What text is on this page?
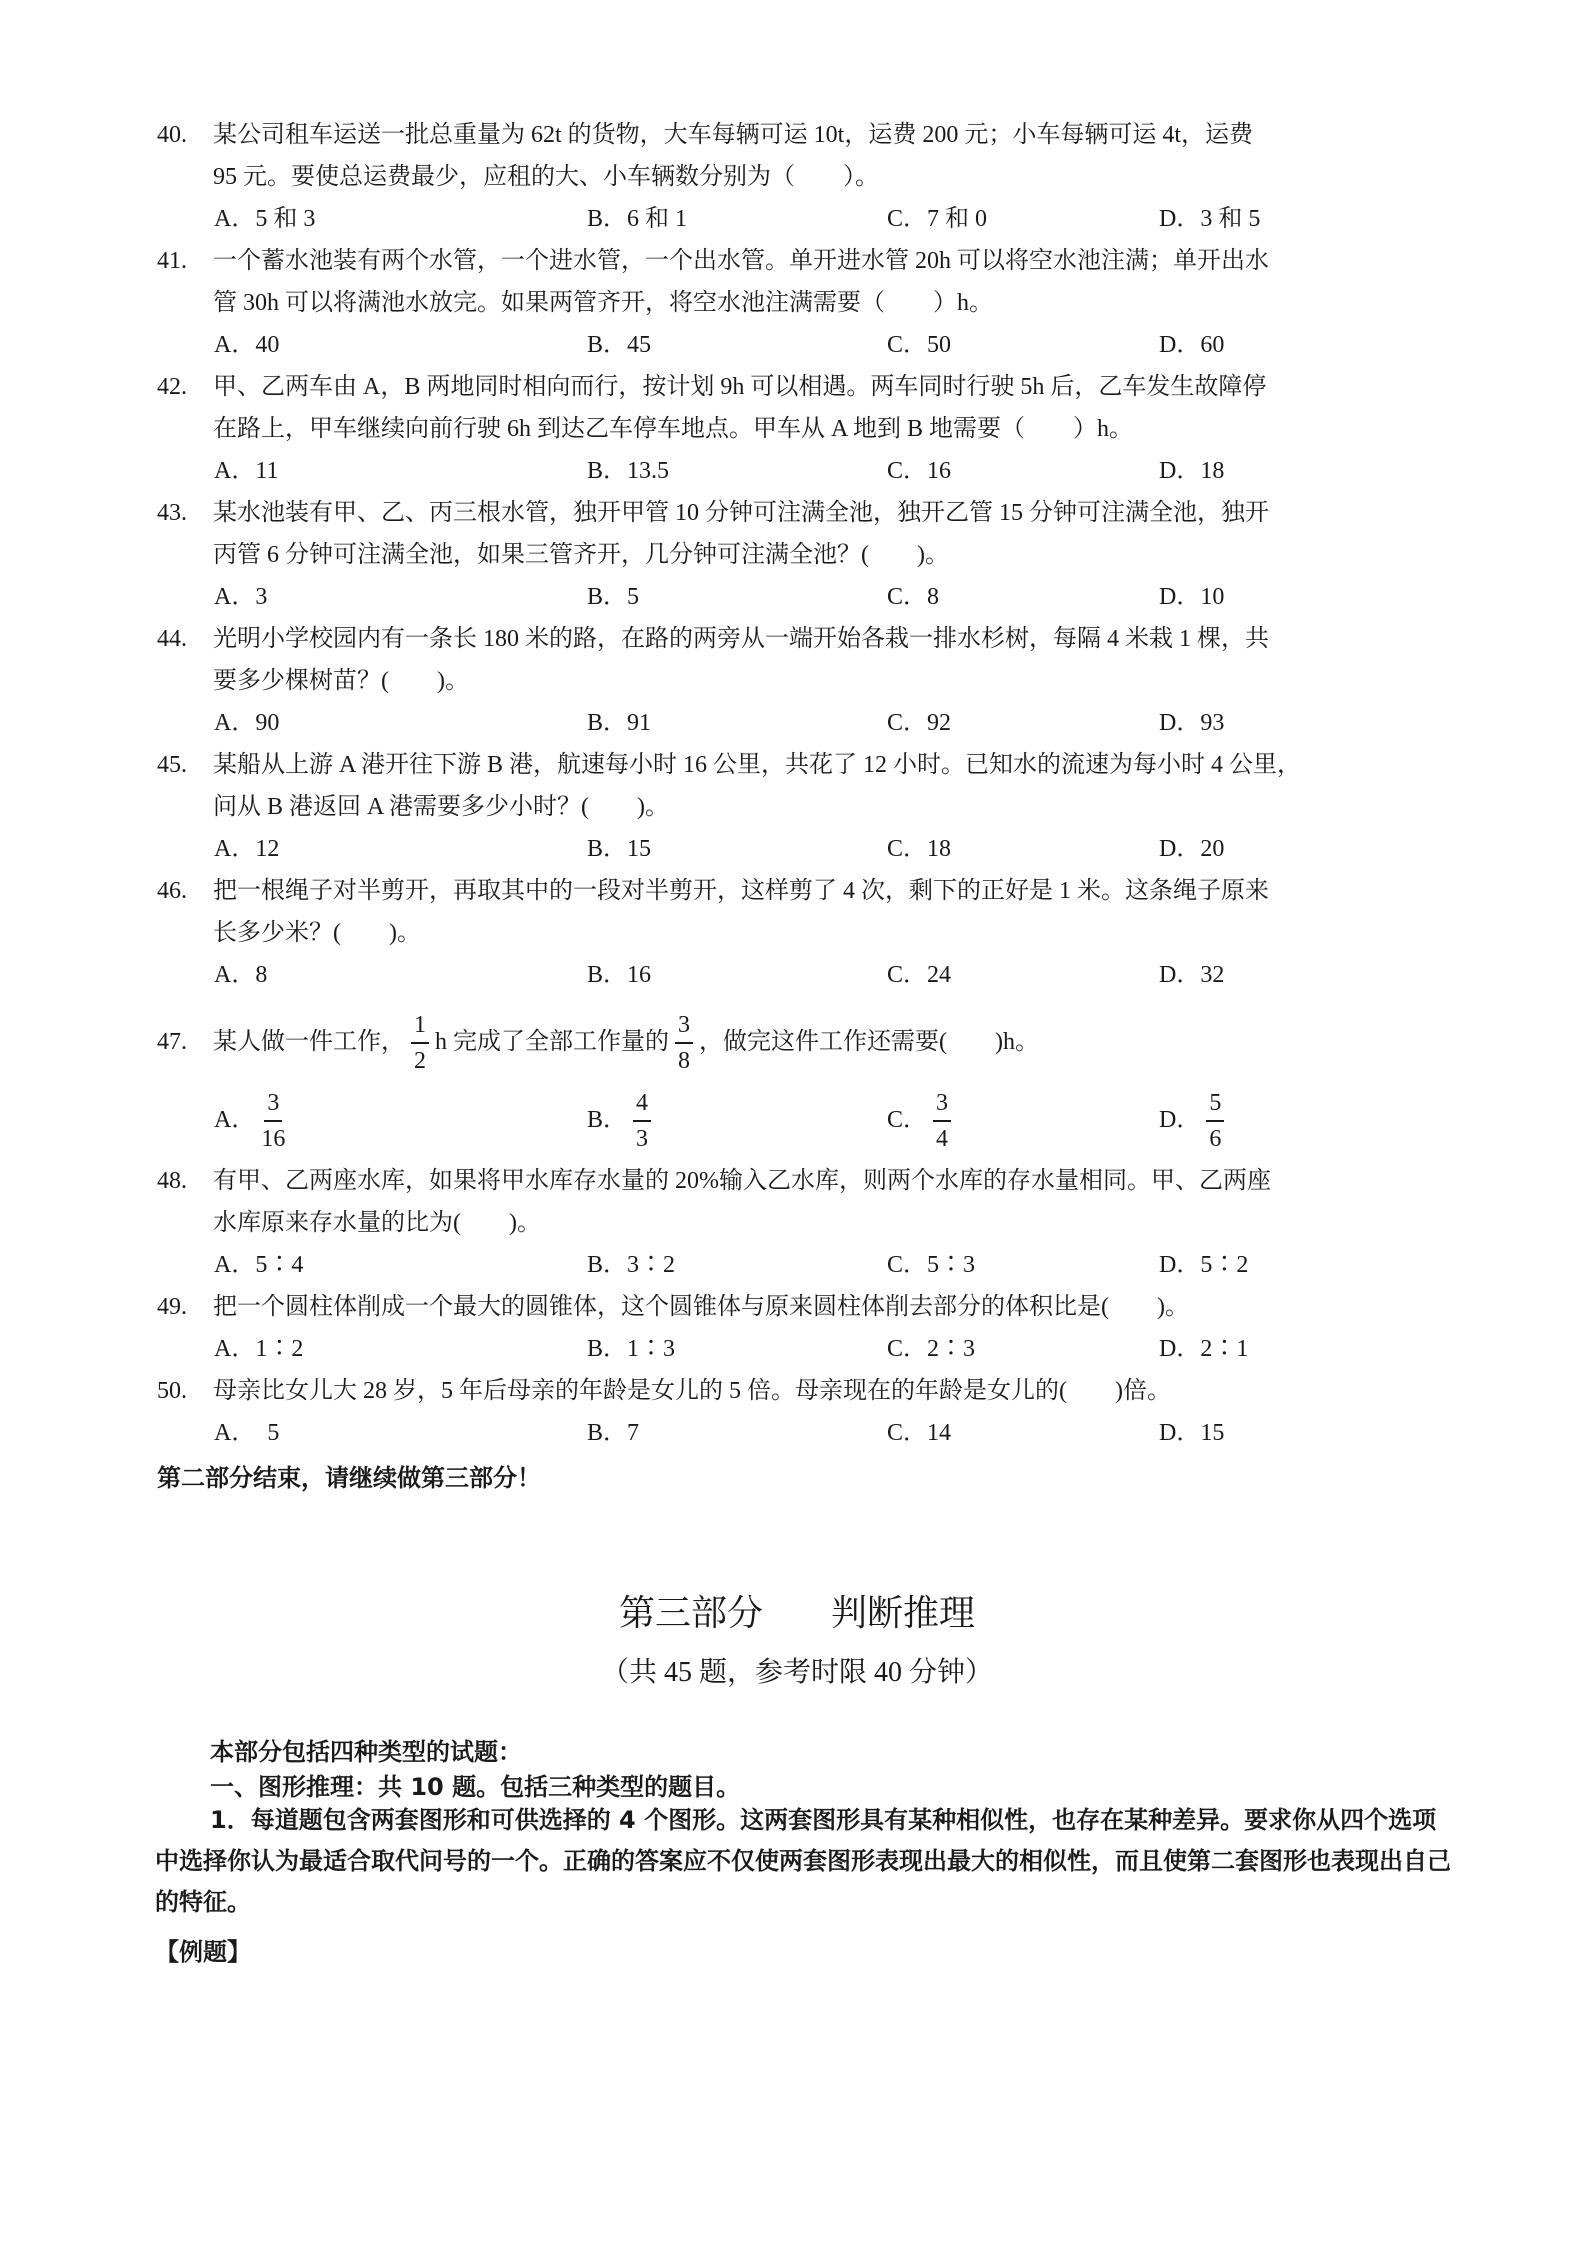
40. 某公司租车运送一批总重量为 62t 的货物，大车每辆可运 10t，运费 200 元；小车每辆可运 4t，运费
95 元。要使总运费最少，应租的大、小车辆数分别为（　　）。
A．5 和 3	B．6 和 1	C．7 和 0	D．3 和 5
41. 一个蓄水池装有两个水管，一个进水管，一个出水管。单开进水管 20h 可以将空水池注满；单开出水
管 30h 可以将满池水放完。如果两管齐开，将空水池注满需要（　　）h。
A．40	B．45	C．50	D．60
42. 甲、乙两车由 A，B 两地同时相向而行，按计划 9h 可以相遇。两车同时行驶 5h 后，乙车发生故障停
在路上，甲车继续向前行驶 6h 到达乙车停车地点。甲车从 A 地到 B 地需要（　　）h。
A．11	B．13.5	C．16	D．18
43. 某水池装有甲、乙、丙三根水管，独开甲管 10 分钟可注满全池，独开乙管 15 分钟可注满全池，独开
丙管 6 分钟可注满全池，如果三管齐开，几分钟可注满全池？(　　)。
A．3	B．5	C．8	D．10
44. 光明小学校园内有一条长 180 米的路，在路的两旁从一端开始各栽一排水杉树，每隔 4 米栽 1 棵，共
要多少棵树苗？(　　)。
A．90	B．91	C．92	D．93
45. 某船从上游 A 港开往下游 B 港，航速每小时 16 公里，共花了 12 小时。已知水的流速为每小时 4 公里，
问从 B 港返回 A 港需要多少小时？(　　)。
A．12	B．15	C．18	D．20
46. 把一根绳子对半剪开，再取其中的一段对半剪开，这样剪了 4 次，剩下的正好是 1 米。这条绳子原来
长多少米？(　　)。
A．8	B．16	C．24	D．32
47. 某人做一件工作， $\frac{1}{2}$ h 完成了全部工作量的 $\frac{3}{8}$ ，做完这件工作还需要(　　)h。
A． $\frac{3}{16}$	B． $\frac{4}{3}$	C． $\frac{3}{4}$	D． $\frac{5}{6}$
48. 有甲、乙两座水库，如果将甲水库存水量的 20%输入乙水库，则两个水库的存水量相同。甲、乙两座
水库原来存水量的比为(　　)。
A．5∶4	B．3∶2	C．5∶3	D．5∶2
49. 把一个圆柱体削成一个最大的圆锥体，这个圆锥体与原来圆柱体削去部分的体积比是(　　)。
A．1∶2	B．1∶3	C．2∶3	D．2∶1
50. 母亲比女儿大 28 岁，5 年后母亲的年龄是女儿的 5 倍。母亲现在的年龄是女儿的(　　)倍。
A．　5	B．7	C．14	D．15
第二部分结束，请继续做第三部分！
第三部分 判断推理
（共 45 题，参考时限 40 分钟）
本部分包括四种类型的试题：
一、图形推理：共 10 题。包括三种类型的题目。
1．每道题包含两套图形和可供选择的 4 个图形。这两套图形具有某种相似性，也存在某种差异。要求你从四个选项中选择你认为最适合取代问号的一个。正确的答案应不仅使两套图形表现出最大的相似性，而且使第二套图形也表现出自己的特征。
【例题】
